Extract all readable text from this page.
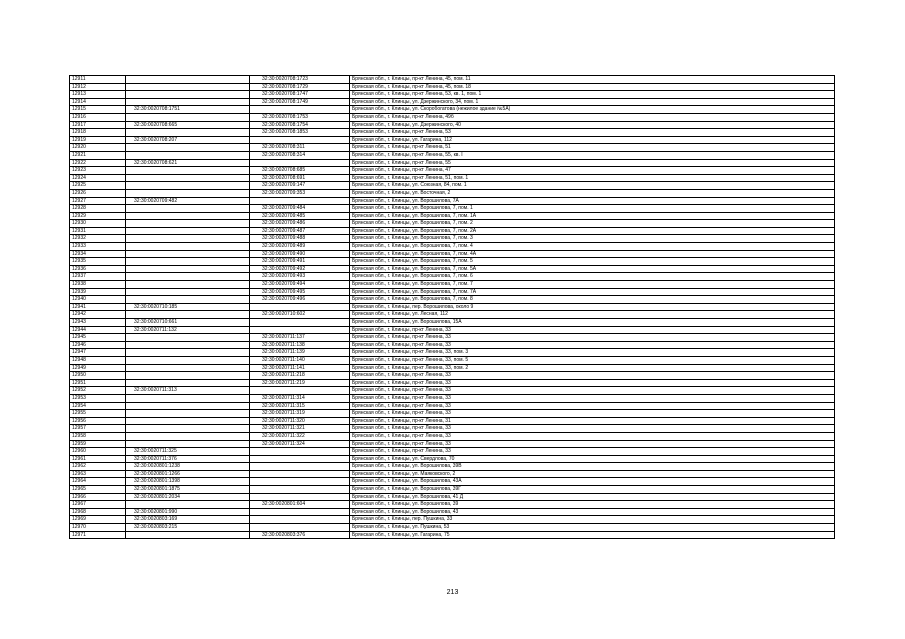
12911		32:30:0020708:1723	Брянская обл., г. Клинцы, пр-кт Ленина, 45, пом. 11
12912		32:30:0020708:1729	Брянская обл., г. Клинцы, пр-кт Ленина, 45, пом. 18
12913		32:30:0020708:1747	Брянская обл., г. Клинцы, пр-кт Ленина, 53, кв. 1, пом. 1
12914		32:30:0020708:1749	Брянская обл., г. Клинцы, ул. Дзержинского, 34, пом. 1
12915	32:30:0020708:1751		Брянская обл., г. Клинцы, ул. Скоробогатова (нежилое здание №5А)
12916		32:30:0020708:1753	Брянская обл., г. Клинцы, пр-кт Ленина, 49б
12917	32:30:0020708:665	32:30:0020708:1754	Брянская обл., г. Клинцы, ул. Дзержинского, 40
12918		32:30:0020708:1853	Брянская обл., г. Клинцы, пр-кт Ленина, 53
12919	32:30:0020708:207		Брянская обл., г. Клинцы, ул. Гагарина, 112
12920		32:30:0020708:311	Брянская обл., г. Клинцы, пр-кт Ленина, 51
12921		32:30:0020708:314	Брянская обл., г. Клинцы, пр-кт Ленина, 55, кв. I
12922	32:30:0020708:621		Брянская обл., г. Клинцы, пр-кт Ленина, 55
12923		32:30:0020708:685	Брянская обл., г. Клинцы, пр-кт Ленина, 47
12924		32:30:0020708:691	Брянская обл., г. Клинцы, пр-кт Ленина, 51, пом. 1
12925		32:30:0020709:147	Брянская обл., г. Клинцы, ул. Союзная, 84, пом. 1
12926		32:30:0020709:353	Брянская обл., г. Клинцы, ул. Восточная, 2
12927	32:30:0020709:482		Брянская обл., г. Клинцы, ул. Ворошилова, 7А
12928		32:30:0020709:484	Брянская обл., г. Клинцы, ул. Ворошилова, 7, пом. 1
12929		32:30:0020709:485	Брянская обл., г. Клинцы, ул. Ворошилова, 7, пом. 1А
12930		32:30:0020709:486	Брянская обл., г. Клинцы, ул. Ворошилова, 7, пом. 2
12931		32:30:0020709:487	Брянская обл., г. Клинцы, ул. Ворошилова, 7, пом. 2А
12932		32:30:0020709:488	Брянская обл., г. Клинцы, ул. Ворошилова, 7, пом. 3
12933		32:30:0020709:489	Брянская обл., г. Клинцы, ул. Ворошилова, 7, пом. 4
12934		32:30:0020709:490	Брянская обл., г. Клинцы, ул. Ворошилова, 7, пом. 4А
12935		32:30:0020709:491	Брянская обл., г. Клинцы, ул. Ворошилова, 7, пом. 5
12936		32:30:0020709:492	Брянская обл., г. Клинцы, ул. Ворошилова, 7, пом. 5А
12937		32:30:0020709:493	Брянская обл., г. Клинцы, ул. Ворошилова, 7, пом. 6
12938		32:30:0020709:494	Брянская обл., г. Клинцы, ул. Ворошилова, 7, пом. 7
12939		32:30:0020709:495	Брянская обл., г. Клинцы, ул. Ворошилова, 7, пом. 7А
12940		32:30:0020709:496	Брянская обл., г. Клинцы, ул. Ворошилова, 7, пом. 8
12941	32:30:0020710:185		Брянская обл., г. Клинцы, пер. Ворошилова, около 9
12942		32:30:0020710:602	Брянская обл., г. Клинцы, ул. Лесная, 112
12943	32:30:0020710:661		Брянская обл., г. Клинцы, ул. Ворошилова, 15А
12944	32:30:0020711:132		Брянская обл., г. Клинцы, пр-кт Ленина, 33
12945		32:30:0020711:137	Брянская обл., г. Клинцы, пр-кт Ленина, 33
12946		32:30:0020711:138	Брянская обл., г. Клинцы, пр-кт Ленина, 33
12947		32:30:0020711:139	Брянская обл., г. Клинцы, пр-кт Ленина, 33, пом. 3
12948		32:30:0020711:140	Брянская обл., г. Клинцы, пр-кт Ленина, 33, пом. 5
12949		32:30:0020711:141	Брянская обл., г. Клинцы, пр-кт Ленина, 33, пом. 2
12950		32:30:0020711:218	Брянская обл., г. Клинцы, пр-кт Ленина, 33
12951		32:30:0020711:219	Брянская обл., г. Клинцы, пр-кт Ленина, 33
12952	32:30:0020711:313		Брянская обл., г. Клинцы, пр-кт Ленина, 33
12953		32:30:0020711:314	Брянская обл., г. Клинцы, пр-кт Ленина, 33
12954		32:30:0020711:315	Брянская обл., г. Клинцы, пр-кт Ленина, 33
12955		32:30:0020711:319	Брянская обл., г. Клинцы, пр-кт Ленина, 33
12956		32:30:0020711:320	Брянская обл., г. Клинцы, пр-кт Ленина, 31
12957		32:30:0020711:321	Брянская обл., г. Клинцы, пр-кт Ленина, 33
12958		32:30:0020711:322	Брянская обл., г. Клинцы, пр-кт Ленина, 33
12959		32:30:0020711:324	Брянская обл., г. Клинцы, пр-кт Ленина, 33
12960	32:30:0020711:325		Брянская обл., г. Клинцы, пр-кт Ленина, 33
12961	32:30:0020711:376		Брянская обл., г. Клинцы, ул. Свердлова, 70
12962	32:30:0020801:1238		Брянская обл., г. Клинцы, ул. Ворошилова, 39В
12963	32:30:0020801:1266		Брянская обл., г. Клинцы, ул. Маяковского, 2
12964	32:30:0020801:1398		Брянская обл., г. Клинцы, ул. Ворошилова, 43А
12965	32:30:0020801:1875		Брянская обл., г. Клинцы, ул. Ворошилова, 39Г
12966	32:30:0020801:2034		Брянская обл., г. Клинцы, ул. Ворошилова, 41 Д
12967		32:30:0020801:604	Брянская обл., г. Клинцы, ул. Ворошилова, 39
12968	32:30:0020801:990		Брянская обл., г. Клинцы, ул. Ворошилова, 43
12969	32:30:0020803:169		Брянская обл., г. Клинцы, пер. Пушкина, 33
12970	32:30:0020803:215		Брянская обл., г. Клинцы, ул. Пушкина, 53
12971		32:30:0020803:376	Брянская обл., г. Клинцы, ул. Гагарина, 75
213
